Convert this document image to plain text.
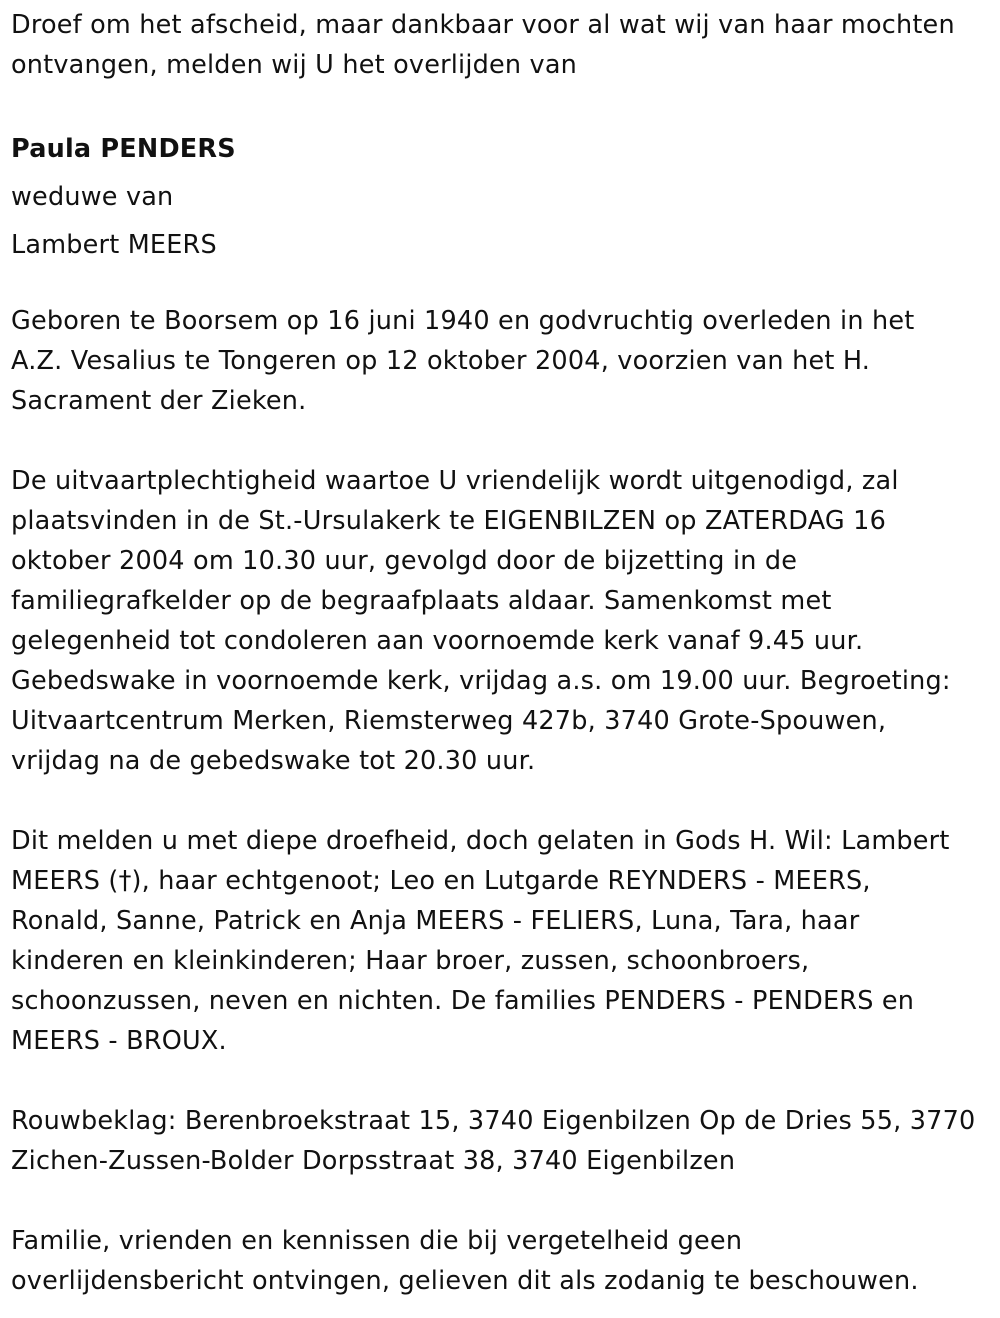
Droef om het afscheid, maar dankbaar voor al wat wij van haar mochten
ontvangen, melden wij U het overlijden van

Paula PENDERS

weduwe van

Lambert MEERS

Geboren te Boorsem op 16 juni 1940 en godvruchtig overleden in het
A.Z. Vesalius te Tongeren op 12 oktober 2004, voorzien van het H.
Sacrament der Zieken.

De uitvaartplechtigheid waartoe U vriendelijk wordt uitgenodigd, zal
plaatsvinden in de St.-Ursulakerk te EIGENBILZEN op ZATERDAG 16
oktober 2004 om 10.30 uur, gevolgd door de bijzetting in de
familiegrafkelder op de begraafplaats aldaar. Samenkomst met
gelegenheid tot condoleren aan voornoemde kerk vanaf 9.45 uur.
Gebedswake in voornoemde kerk, vrijdag a.s. om 19.00 uur. Begroeting:
Uitvaartcentrum Merken, Riemsterweg 427b, 3740 Grote-Spouwen,
vrijdag na de gebedswake tot 20.30 uur.

Dit melden u met diepe droefheid, doch gelaten in Gods H. Wil: Lambert
MEERS (†), haar echtgenoot; Leo en Lutgarde REYNDERS - MEERS,
Ronald, Sanne, Patrick en Anja MEERS - FELIERS, Luna, Tara, haar
kinderen en kleinkinderen; Haar broer, zussen, schoonbroers,
schoonzussen, neven en nichten. De families PENDERS - PENDERS en
MEERS - BROUX.

Rouwbeklag: Berenbroekstraat 15, 3740 Eigenbilzen Op de Dries 55, 3770
Zichen-Zussen-Bolder Dorpsstraat 38, 3740 Eigenbilzen

Familie, vrienden en kennissen die bij vergetelheid geen
overlijdensbericht ontvingen, gelieven dit als zodanig te beschouwen.
